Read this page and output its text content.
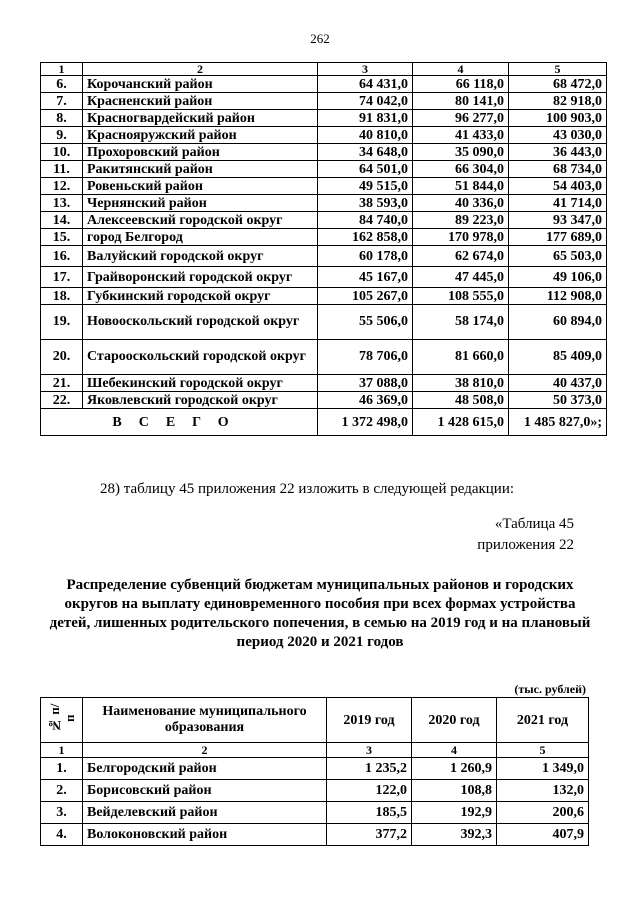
262
1	2	3	4	5
6.	Корочанский район	64 431,0	66 118,0	68 472,0
7.	Красненский район	74 042,0	80 141,0	82 918,0
8.	Красногвардейский район	91 831,0	96 277,0	100 903,0
9.	Краснояружский район	40 810,0	41 433,0	43 030,0
10.	Прохоровский район	34 648,0	35 090,0	36 443,0
11.	Ракитянский район	64 501,0	66 304,0	68 734,0
12.	Ровеньский район	49 515,0	51 844,0	54 403,0
13.	Чернянский район	38 593,0	40 336,0	41 714,0
14.	Алексеевский городской округ	84 740,0	89 223,0	93 347,0
15.	город Белгород	162 858,0	170 978,0	177 689,0
16.	Валуйский городской округ	60 178,0	62 674,0	65 503,0
17.	Грайворонский городской округ	45 167,0	47 445,0	49 106,0
18.	Губкинский городской округ	105 267,0	108 555,0	112 908,0
19.	Новооскольский городской округ	55 506,0	58 174,0	60 894,0
20.	Старооскольский городской округ	78 706,0	81 660,0	85 409,0
21.	Шебекинский городской округ	37 088,0	38 810,0	40 437,0
22.	Яковлевский городской округ	46 369,0	48 508,0	50 373,0
ВСЕГО		1 372 498,0	1 428 615,0	1 485 827,0»;
28) таблицу 45 приложения 22 изложить в следующей редакции:
«Таблица 45
приложения 22
Распределение субвенций бюджетам муниципальных районов и городских округов на выплату единовременного пособия при всех формах устройства детей, лишенных родительского попечения, в семью на 2019 год и на плановый период 2020 и 2021 годов
(тыс. рублей)
№ п/п	Наименование муниципального образования	2019 год	2020 год	2021 год
1	2	3	4	5
1.	Белгородский район	1 235,2	1 260,9	1 349,0
2.	Борисовский район	122,0	108,8	132,0
3.	Вейделевский район	185,5	192,9	200,6
4.	Волоконовский район	377,2	392,3	407,9
